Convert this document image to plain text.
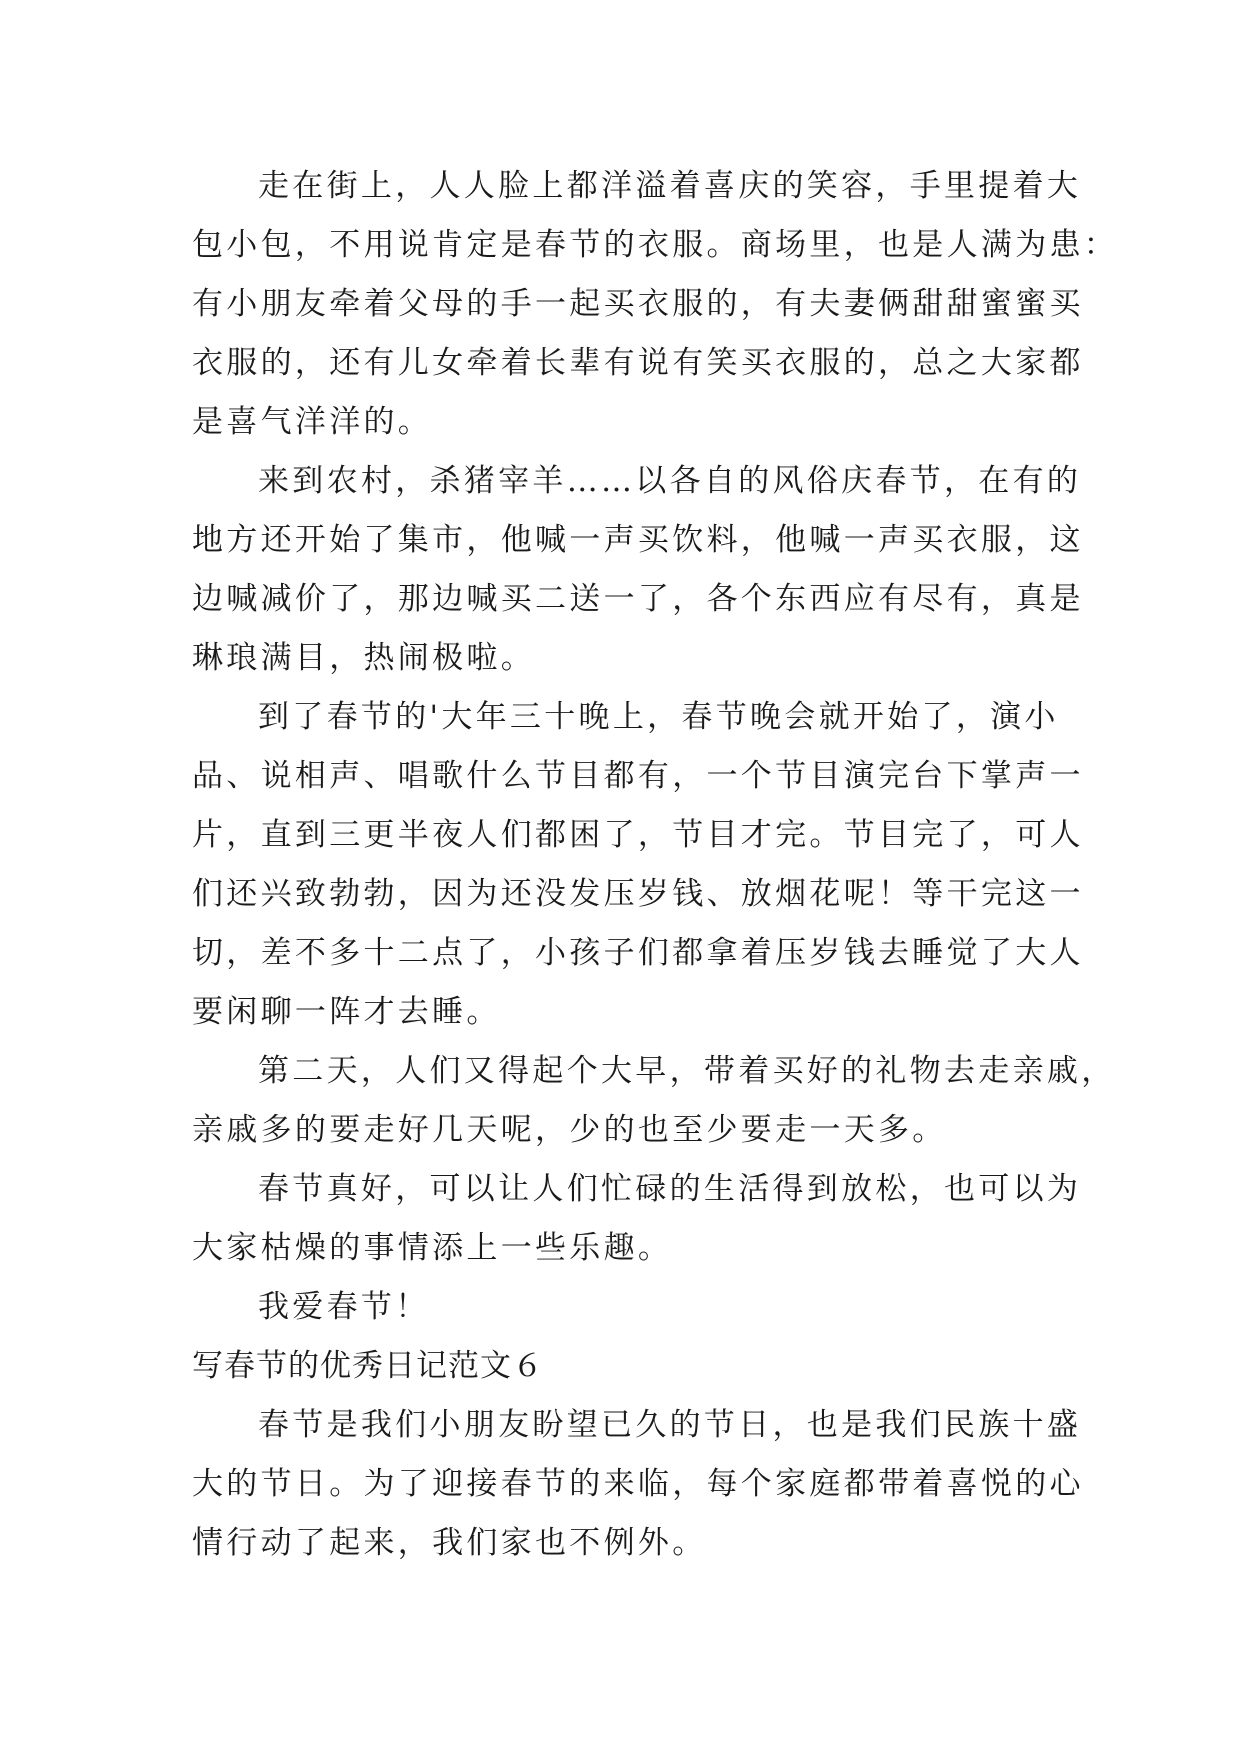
走在街上，人人脸上都洋溢着喜庆的笑容，手里提着大
包小包，不用说肯定是春节的衣服。商场里，也是人满为患：
有小朋友牵着父母的手一起买衣服的，有夫妻俩甜甜蜜蜜买
衣服的，还有儿女牵着长辈有说有笑买衣服的，总之大家都
是喜气洋洋的。
来到农村，杀猪宰羊……以各自的风俗庆春节，在有的
地方还开始了集市，他喊一声买饮料，他喊一声买衣服，这
边喊减价了，那边喊买二送一了，各个东西应有尽有，真是
琳琅满目，热闹极啦。
到了春节的'大年三十晚上，春节晚会就开始了，演小
品、说相声、唱歌什么节目都有，一个节目演完台下掌声一
片，直到三更半夜人们都困了，节目才完。节目完了，可人
们还兴致勃勃，因为还没发压岁钱、放烟花呢！等干完这一
切，差不多十二点了，小孩子们都拿着压岁钱去睡觉了大人
要闲聊一阵才去睡。
第二天，人们又得起个大早，带着买好的礼物去走亲戚，
亲戚多的要走好几天呢，少的也至少要走一天多。
春节真好，可以让人们忙碌的生活得到放松，也可以为
大家枯燥的事情添上一些乐趣。
我爱春节！
写春节的优秀日记范文６
春节是我们小朋友盼望已久的节日，也是我们民族十盛
大的节日。为了迎接春节的来临，每个家庭都带着喜悦的心
情行动了起来，我们家也不例外。
